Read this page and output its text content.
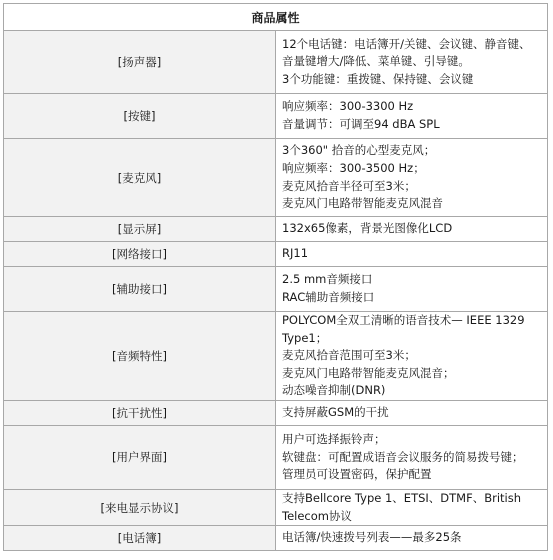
商品属性	
[扬声器]	12个电话键：电话簿开/关键、会议键、静音键、音量键增大/降低、菜单键、引导键。
3个功能键：重拨键、保持键、会议键

[按键]	响应频率：300-3300 Hz
音量调节：可调至94 dBA SPL

[麦克风]	3个360" 拾音的心型麦克风；
响应频率：300-3500 Hz；
麦克风拾音半径可至3米；
麦克风门电路带智能麦克风混音

[显示屏]	132x65像素，背景光图像化LCD

[网络接口]	RJ11

[辅助接口]	2.5 mm音频接口
RAC辅助音频接口

[音频特性]	POLYCOM全双工清晰的语音技术— IEEE 1329 Type1；
麦克风拾音范围可至3米；
麦克风门电路带智能麦克风混音；
动态噪音抑制(DNR)

[抗干扰性]	支持屏蔽GSM的干扰

[用户界面]	用户可选择振铃声；
软键盘：可配置成语音会议服务的简易拨号键；
管理员可设置密码，保护配置

[来电显示协议]	支持Bellcore Type 1、ETSI、DTMF、British Telecom协议

[电话簿]	电话簿/快速拨号列表——最多25条
